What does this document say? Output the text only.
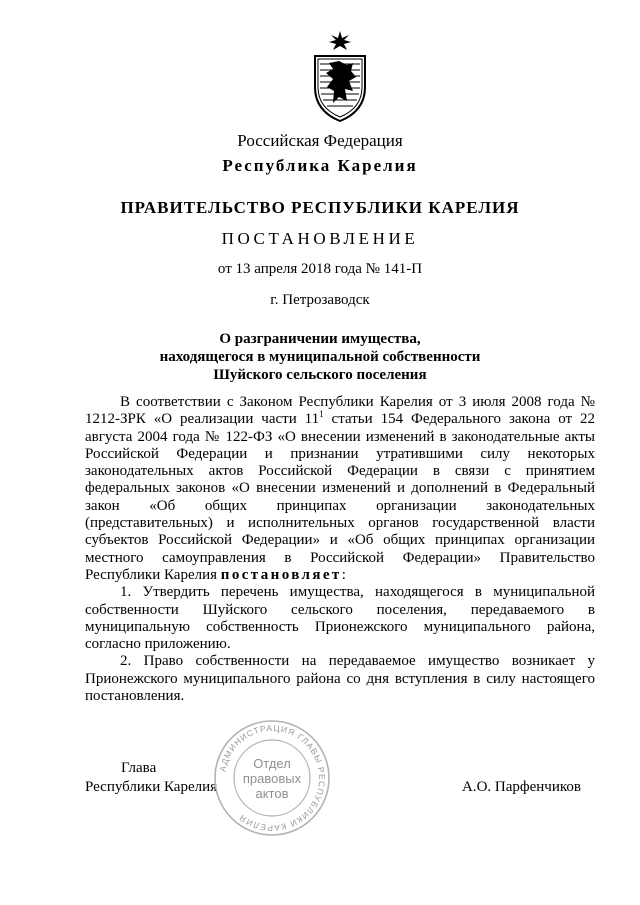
Российская Федерация
Республика Карелия
ПРАВИТЕЛЬСТВО РЕСПУБЛИКИ КАРЕЛИЯ
ПОСТАНОВЛЕНИЕ
от 13 апреля 2018 года № 141-П
г. Петрозаводск
О разграничении имущества,
находящегося в муниципальной собственности
Шуйского сельского поселения

В соответствии с Законом Республики Карелия от 3 июля 2008 года № 1212-ЗРК «О реализации части $11^1$ статьи 154 Федерального закона от 22 августа 2004 года № 122-ФЗ «О внесении изменений в законодательные акты Российской Федерации и признании утратившими силу некоторых законодательных актов Российской Федерации в связи с принятием федеральных законов «О внесении изменений и дополнений в Федеральный закон «Об общих принципах организации законодательных (представительных) и исполнительных органов государственной власти субъектов Российской Федерации» и «Об общих принципах организации местного самоуправления в Российской Федерации» Правительство Республики Карелия постановляет:

1. Утвердить перечень имущества, находящегося в муниципальной собственности Шуйского сельского поселения, передаваемого в муниципальную собственность Прионежского муниципального района, согласно приложению.

2. Право собственности на передаваемое имущество возникает у Прионежского муниципального района со дня вступления в силу настоящего постановления.

Глава
Республики Карелия	А.О. Парфенчиков
АДМИНИСТРАЦИЯ ГЛАВЫ РЕСПУБЛИКИ КАРЕЛИЯ
Отдел
правовых
актов
